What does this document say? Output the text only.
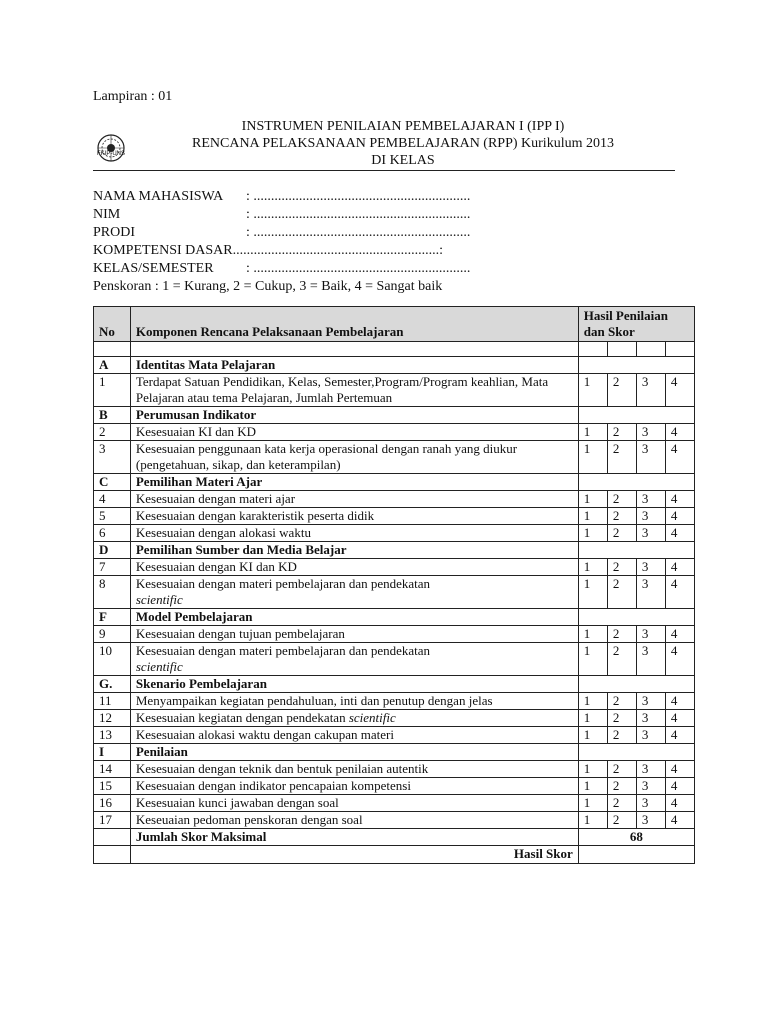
Lampiran : 01
FKIP-UNS
INSTRUMEN PENILAIAN PEMBELAJARAN I (IPP I)
RENCANA PELAKSANAAN PEMBELAJARAN (RPP) Kurikulum 2013
DI KELAS
NAMA MAHASISWA	: ..............................................................
NIM	: ..............................................................
PRODI	: ..............................................................
KOMPETENSI DASAR ...........................................................:
KELAS/SEMESTER	: ..............................................................
Penskoran : 1 = Kurang, 2 = Cukup, 3 = Baik, 4 = Sangat baik
No	Komponen Rencana Pelaksanaan Pembelajaran	Hasil Penilaian dan Skor			

A	Identitas Mata Pelajaran				
1	Terdapat Satuan Pendidikan, Kelas, Semester,Program/Program keahlian, Mata Pelajaran atau tema Pelajaran, Jumlah Pertemuan	1	2	3	4
B	Perumusan Indikator				
2	Kesesuaian KI dan KD	1	2	3	4
3	Kesesuaian penggunaan kata kerja operasional dengan ranah yang diukur (pengetahuan, sikap, dan keterampilan)	1	2	3	4
C	Pemilihan Materi Ajar				
4	Kesesuaian dengan materi ajar	1	2	3	4
5	Kesesuaian dengan karakteristik peserta didik	1	2	3	4
6	Kesesuaian dengan alokasi waktu	1	2	3	4
D	Pemilihan Sumber dan Media Belajar				
7	Kesesuaian dengan KI dan KD	1	2	3	4
8	Kesesuaian dengan materi pembelajaran dan pendekatan
scientific	1	2	3	4
F	Model Pembelajaran				
9	Kesesuaian dengan tujuan pembelajaran	1	2	3	4
10	Kesesuaian dengan materi pembelajaran dan pendekatan
scientific	1	2	3	4
G.	Skenario Pembelajaran				
11	Menyampaikan kegiatan pendahuluan, inti dan penutup dengan jelas	1	2	3	4
12	Kesesuaian kegiatan dengan pendekatan scientific	1	2	3	4
13	Kesesuaian alokasi waktu dengan cakupan materi	1	2	3	4
I	Penilaian				
14	Kesesuaian dengan teknik dan bentuk penilaian autentik	1	2	3	4
15	Kesesuaian dengan indikator pencapaian kompetensi	1	2	3	4
16	Kesesuaian kunci jawaban dengan soal	1	2	3	4
17	Keseuaian pedoman penskoran dengan soal	1	2	3	4
	Jumlah Skor Maksimal	68			
	Hasil Skor				
